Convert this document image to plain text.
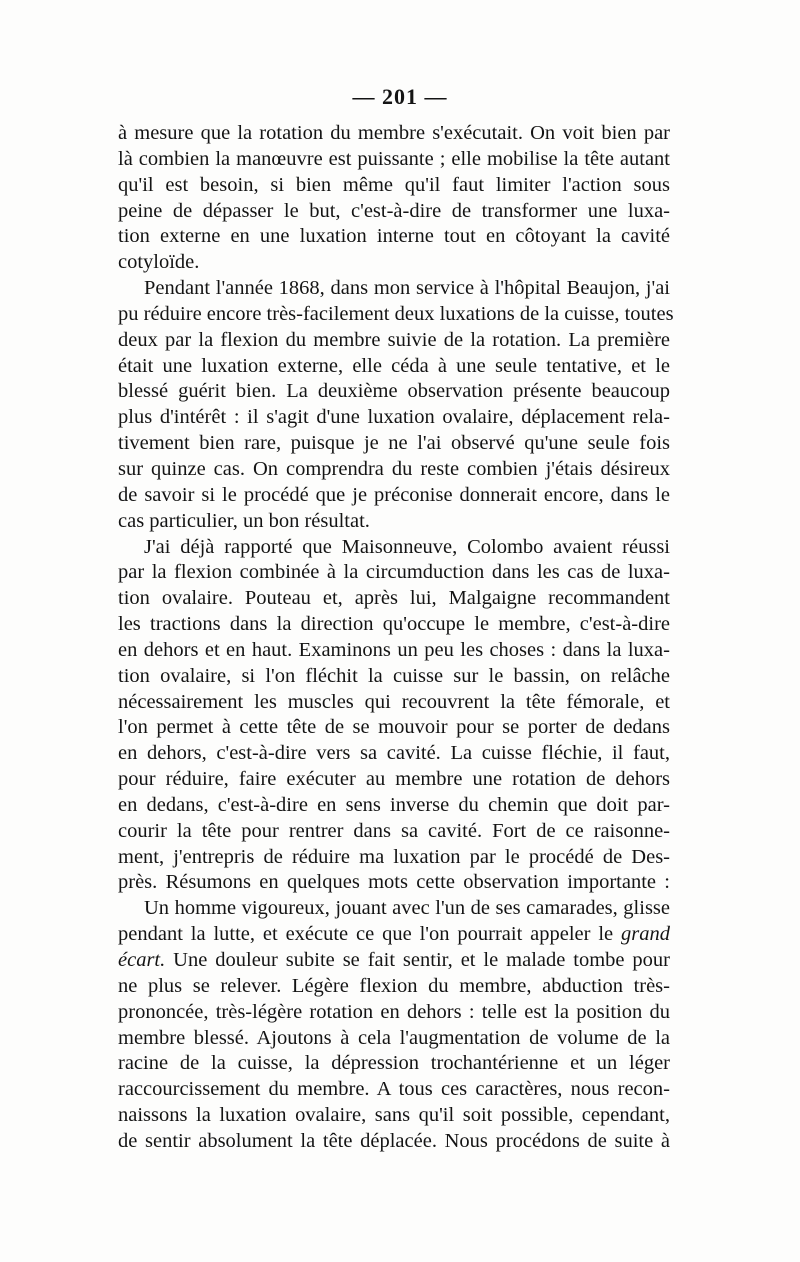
— 201 —
à mesure que la rotation du membre s'exécutait. On voit bien par
là combien la manœuvre est puissante ; elle mobilise la tête autant
qu'il est besoin, si bien même qu'il faut limiter l'action sous
peine de dépasser le but, c'est-à-dire de transformer une luxa-
tion externe en une luxation interne tout en côtoyant la cavité
cotyloïde.
Pendant l'année 1868, dans mon service à l'hôpital Beaujon, j'ai
pu réduire encore très-facilement deux luxations de la cuisse, toutes
deux par la flexion du membre suivie de la rotation. La première
était une luxation externe, elle céda à une seule tentative, et le
blessé guérit bien. La deuxième observation présente beaucoup
plus d'intérêt : il s'agit d'une luxation ovalaire, déplacement rela-
tivement bien rare, puisque je ne l'ai observé qu'une seule fois
sur quinze cas. On comprendra du reste combien j'étais désireux
de savoir si le procédé que je préconise donnerait encore, dans le
cas particulier, un bon résultat.
J'ai déjà rapporté que Maisonneuve, Colombo avaient réussi
par la flexion combinée à la circumduction dans les cas de luxa-
tion ovalaire. Pouteau et, après lui, Malgaigne recommandent
les tractions dans la direction qu'occupe le membre, c'est-à-dire
en dehors et en haut. Examinons un peu les choses : dans la luxa-
tion ovalaire, si l'on fléchit la cuisse sur le bassin, on relâche
nécessairement les muscles qui recouvrent la tête fémorale, et
l'on permet à cette tête de se mouvoir pour se porter de dedans
en dehors, c'est-à-dire vers sa cavité. La cuisse fléchie, il faut,
pour réduire, faire exécuter au membre une rotation de dehors
en dedans, c'est-à-dire en sens inverse du chemin que doit par-
courir la tête pour rentrer dans sa cavité. Fort de ce raisonne-
ment, j'entrepris de réduire ma luxation par le procédé de Des-
près. Résumons en quelques mots cette observation importante :
Un homme vigoureux, jouant avec l'un de ses camarades, glisse
pendant la lutte, et exécute ce que l'on pourrait appeler le grand
écart. Une douleur subite se fait sentir, et le malade tombe pour
ne plus se relever. Légère flexion du membre, abduction très-
prononcée, très-légère rotation en dehors : telle est la position du
membre blessé. Ajoutons à cela l'augmentation de volume de la
racine de la cuisse, la dépression trochantérienne et un léger
raccourcissement du membre. A tous ces caractères, nous recon-
naissons la luxation ovalaire, sans qu'il soit possible, cependant,
de sentir absolument la tête déplacée. Nous procédons de suite à
